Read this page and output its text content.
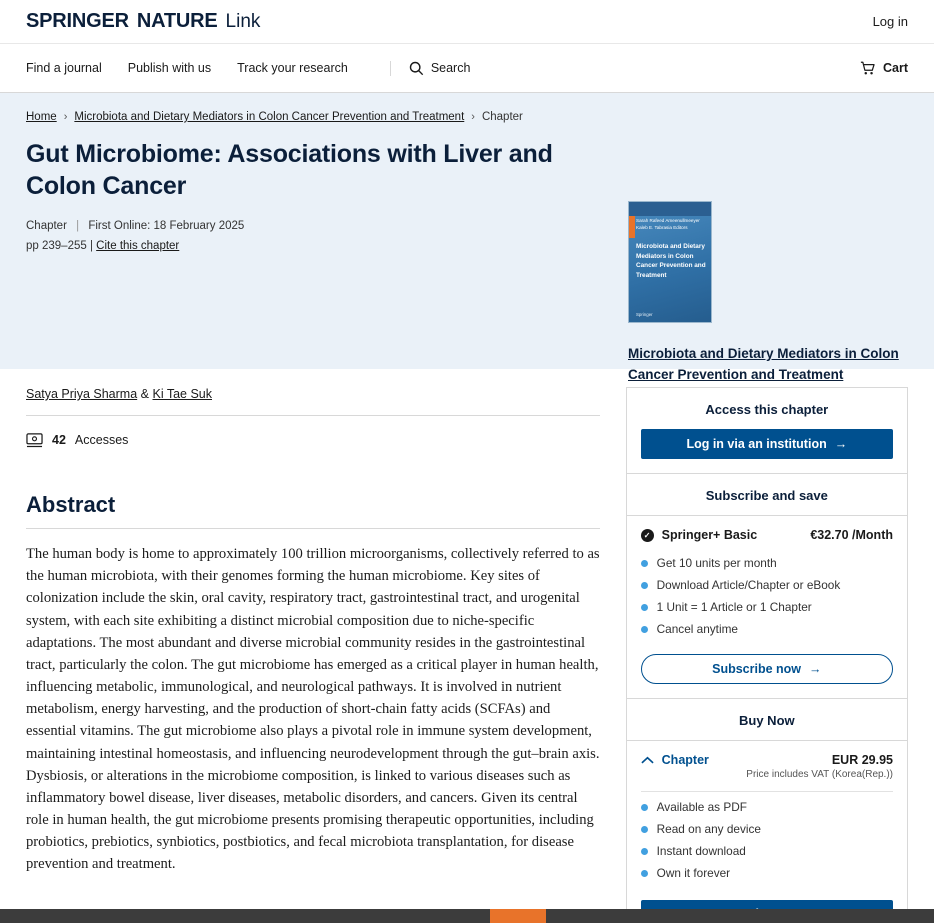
SPRINGER NATURE Link	Log in
Find a journal Publish with us Track your research	Search	Cart
Home › Microbiota and Dietary Mediators in Colon Cancer Prevention and Treatment › Chapter
Gut Microbiome: Associations with Liver and Colon Cancer
Chapter | First Online: 18 February 2025
pp 239–255 | Cite this chapter
Sarah Rafeed Ameenullmeeyer Kaleb E. Tabrasia Editors
Microbiota and Dietary Mediators in Colon Cancer Prevention and Treatment
Springer
Microbiota and Dietary Mediators in Colon Cancer Prevention and Treatment
Satya Priya Sharma & Ki Tae Suk
42 Accesses
Abstract

The human body is home to approximately 100 trillion microorganisms, collectively referred to as the human microbiota, with their genomes forming the human microbiome. Key sites of colonization include the skin, oral cavity, respiratory tract, gastrointestinal tract, and urogenital system, with each site exhibiting a distinct microbial composition due to niche-specific adaptations. The most abundant and diverse microbial community resides in the gastrointestinal tract, particularly the colon. The gut microbiome has emerged as a critical player in human health, influencing metabolic, immunological, and neurological pathways. It is involved in nutrient metabolism, energy harvesting, and the production of short-chain fatty acids (SCFAs) and essential vitamins. The gut microbiome also plays a pivotal role in immune system development, maintaining intestinal homeostasis, and influencing neurodevelopment through the gut–brain axis. Dysbiosis, or alterations in the microbiome composition, is linked to various diseases such as inflammatory bowel disease, liver diseases, metabolic disorders, and cancers. Given its central role in human health, the gut microbiome presents promising therapeutic opportunities, including probiotics, prebiotics, synbiotics, postbiotics, and fecal microbiota transplantation, for disease prevention and treatment.

Access this chapter
Log in via an institution →
Subscribe and save
✓ Springer+ Basic	€32.70 /Month
Get 10 units per month
Download Article/Chapter or eBook
1 Unit = 1 Article or 1 Chapter
Cancel anytime
Subscribe now →
Buy Now
Chapter	EUR 29.95
Price includes VAT (Korea(Rep.))
Available as PDF
Read on any device
Instant download
Own it forever
